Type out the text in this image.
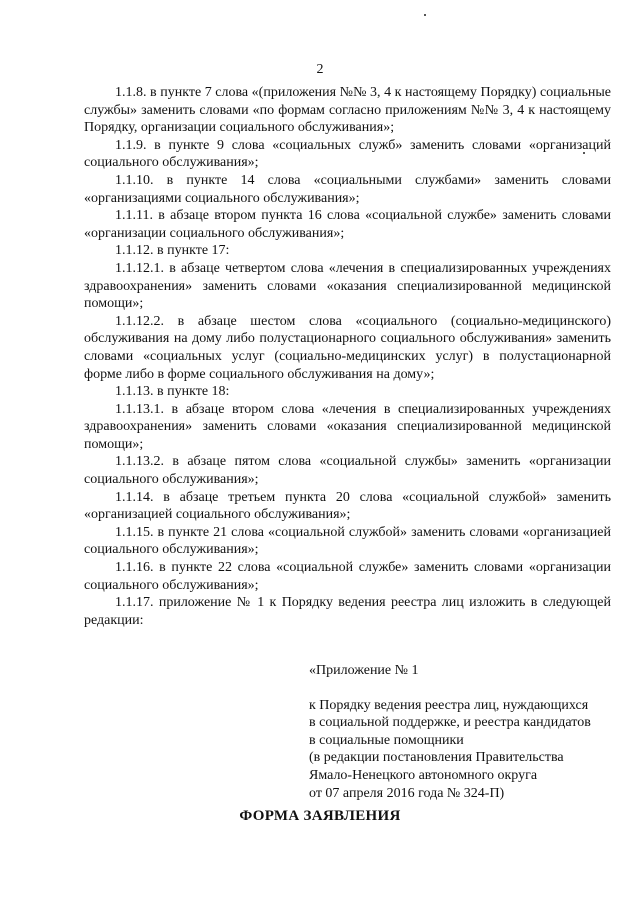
2

1.1.8. в пункте 7 слова «(приложения №№ 3, 4 к настоящему Порядку) социальные службы» заменить словами «по формам согласно приложениям №№ 3, 4 к настоящему Порядку, организации социального обслуживания»;

1.1.9. в пункте 9 слова «социальных служб» заменить словами «организаций социального обслуживания»;

1.1.10. в пункте 14 слова «социальными службами» заменить словами «организациями социального обслуживания»;

1.1.11. в абзаце втором пункта 16 слова «социальной службе» заменить словами «организации социального обслуживания»;

1.1.12. в пункте 17:

1.1.12.1. в абзаце четвертом слова «лечения в специализированных учреждениях здравоохранения» заменить словами «оказания специализированной медицинской помощи»;

1.1.12.2. в абзаце шестом слова «социального (социально-медицинского) обслуживания на дому либо полустационарного социального обслуживания» заменить словами «социальных услуг (социально-медицинских услуг) в полустационарной форме либо в форме социального обслуживания на дому»;

1.1.13. в пункте 18:

1.1.13.1. в абзаце втором слова «лечения в специализированных учреждениях здравоохранения» заменить словами «оказания специализированной медицинской помощи»;

1.1.13.2. в абзаце пятом слова «социальной службы» заменить «организации социального обслуживания»;

1.1.14. в абзаце третьем пункта 20 слова «социальной службой» заменить «организацией социального обслуживания»;

1.1.15. в пункте 21 слова «социальной службой» заменить словами «организацией социального обслуживания»;

1.1.16. в пункте 22 слова «социальной службе» заменить словами «организации социального обслуживания»;

1.1.17. приложение № 1 к Порядку ведения реестра лиц изложить в следующей редакции:

«Приложение № 1

к Порядку ведения реестра лиц, нуждающихся

в социальной поддержке, и реестра кандидатов

в социальные помощники

(в редакции постановления Правительства

Ямало-Ненецкого автономного округа

от 07 апреля 2016 года № 324-П)

ФОРМА ЗАЯВЛЕНИЯ
